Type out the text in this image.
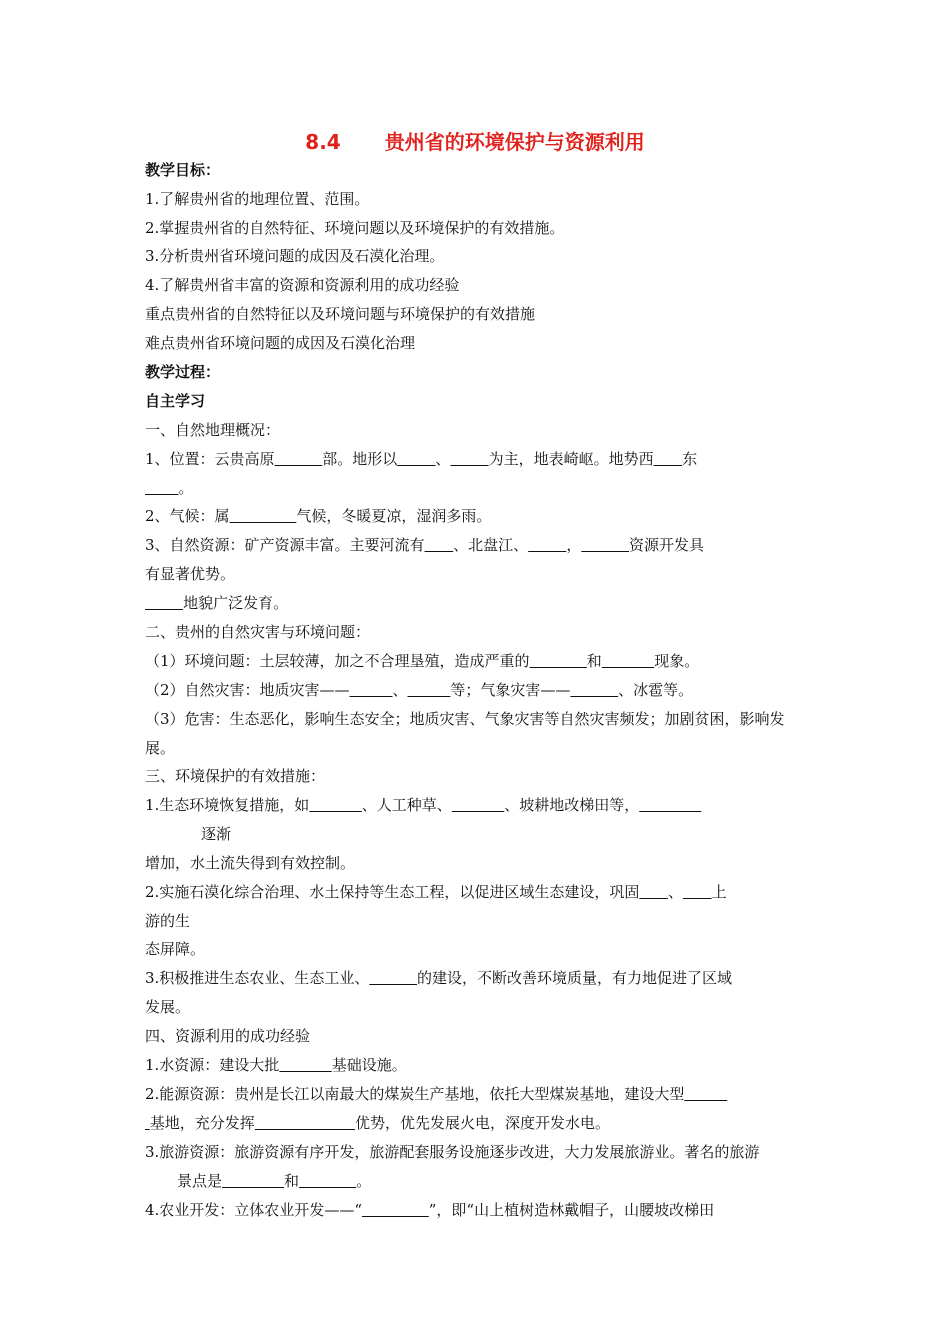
8.4 贵州省的环境保护与资源利用
教学目标：
1.了解贵州省的地理位置、范围。
2.掌握贵州省的自然特征、环境问题以及环境保护的有效措施。
3.分析贵州省环境问题的成因及石漠化治理。
4.了解贵州省丰富的资源和资源利用的成功经验
重点贵州省的自然特征以及环境问题与环境保护的有效措施
难点贵州省环境问题的成因及石漠化治理
教学过程：
自主学习
一、自然地理概况：
1、位置：云贵高原	部。地形以	、	为主，地表崎岖。地势西 东
。
2、气候：属	气候，冬暖夏凉，湿润多雨。
3、自然资源：矿产资源丰富。主要河流有 、北盘江、	，	资源开发具
有显著优势。
地貌广泛发育。
二、贵州的自然灾害与环境问题：
（1）环境问题：土层较薄，加之不合理垦殖，造成严重的	和	现象。
（2）自然灾害：地质灾害——	、	等；气象灾害——	、冰雹等。
（3）危害：生态恶化，影响生态安全；地质灾害、气象灾害等自然灾害频发；加剧贫困，影响发
展。
三、环境保护的有效措施：
1.生态环境恢复措施，如	、人工种草、	、坡耕地改梯田等，
逐渐
增加，水土流失得到有效控制。
2.实施石漠化综合治理、水土保持等生态工程，以促进区域生态建设，巩固 、 上
游的生
态屏障。
3.积极推进生态农业、生态工业、	的建设，不断改善环境质量，有力地促进了区域
发展。
四、资源利用的成功经验
1.水资源：建设大批	基础设施。
2.能源资源：贵州是长江以南最大的煤炭生产基地，依托大型煤炭基地，建设大型
基地，充分发挥	优势，优先发展火电，深度开发水电。
3.旅游资源：旅游资源有序开发，旅游配套服务设施逐步改进，大力发展旅游业。著名的旅游
景点是	和	。
4.农业开发：立体农业开发——“	”，即“山上植树造林戴帽子，山腰坡改梯田
